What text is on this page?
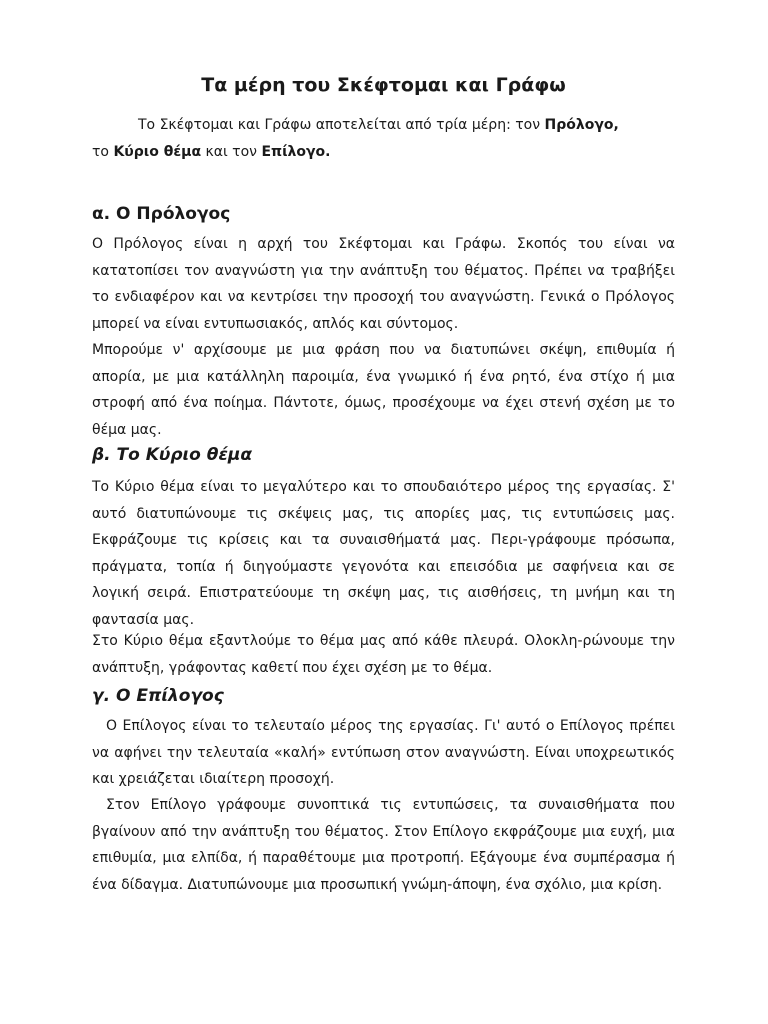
Τα μέρη του Σκέφτομαι και Γράφω

Το Σκέφτομαι και Γράφω αποτελείται από τρία μέρη: τον Πρόλογο,
το Κύριο θέμα και τον Επίλογο.

α. Ο Πρόλογος

Ο Πρόλογος είναι η αρχή του Σκέφτομαι και Γράφω. Σκοπός του είναι να κατατοπίσει τον αναγνώστη για την ανάπτυξη του θέματος. Πρέπει να τραβήξει το ενδιαφέρον και να κεντρίσει την προσοχή του αναγνώστη. Γενικά ο Πρόλογος μπορεί να είναι εντυπωσιακός, απλός και σύντομος.

Μπορούμε ν' αρχίσουμε με μια φράση που να διατυπώνει σκέψη, επιθυμία ή απορία, με μια κατάλληλη παροιμία, ένα γνωμικό ή ένα ρητό, ένα στίχο ή μια στροφή από ένα ποίημα. Πάντοτε, όμως, προσέχουμε να έχει στενή σχέση με το θέμα μας.

β. Το Κύριο θέμα

Το Κύριο θέμα είναι το μεγαλύτερο και το σπουδαιότερο μέρος της εργασίας. Σ' αυτό διατυπώνουμε τις σκέψεις μας, τις απορίες μας, τις εντυπώσεις μας. Εκφράζουμε τις κρίσεις και τα συναισθήματά μας. Περι-γράφουμε πρόσωπα, πράγματα, τοπία ή διηγούμαστε γεγονότα και επεισόδια με σαφήνεια και σε λογική σειρά. Επιστρατεύουμε τη σκέψη μας, τις αισθήσεις, τη μνήμη και τη φαντασία μας.

Στο Κύριο θέμα εξαντλούμε το θέμα μας από κάθε πλευρά. Ολοκλη-ρώνουμε την ανάπτυξη, γράφοντας καθετί που έχει σχέση με το θέμα.

γ. Ο Επίλογος

Ο Επίλογος είναι το τελευταίο μέρος της εργασίας. Γι' αυτό ο Επίλογος πρέπει να αφήνει την τελευταία «καλή» εντύπωση στον αναγνώστη. Είναι υποχρεωτικός και χρειάζεται ιδιαίτερη προσοχή.

Στον Επίλογο γράφουμε συνοπτικά τις εντυπώσεις, τα συναισθήματα που βγαίνουν από την ανάπτυξη του θέματος. Στον Επίλογο εκφράζουμε μια ευχή, μια επιθυμία, μια ελπίδα, ή παραθέτουμε μια προτροπή. Εξάγουμε ένα συμπέρασμα ή ένα δίδαγμα. Διατυπώνουμε μια προσωπική γνώμη-άποψη, ένα σχόλιο, μια κρίση.
